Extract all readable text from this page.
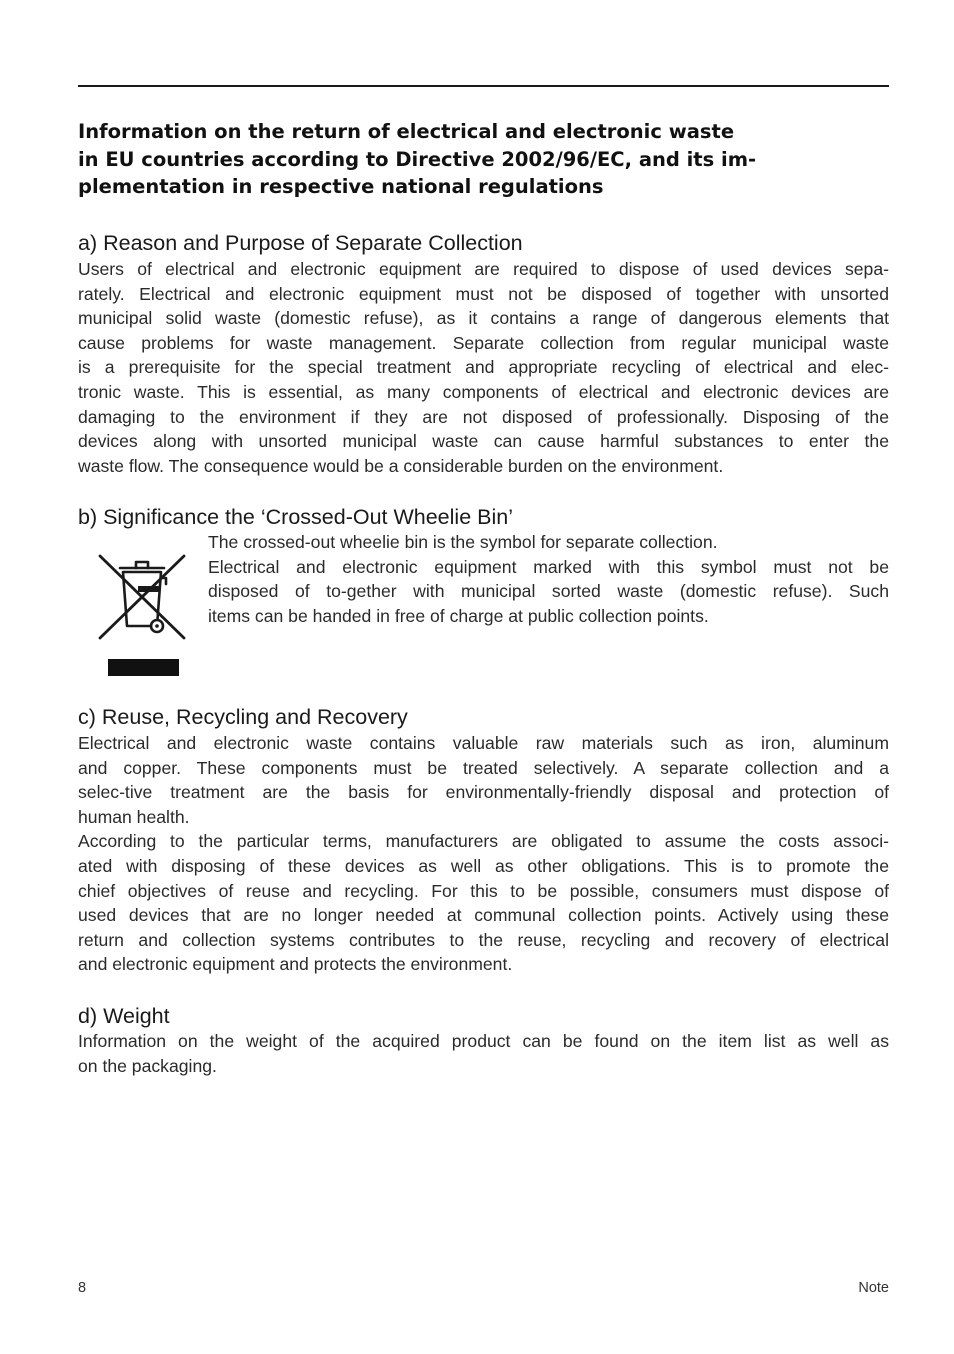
Information on the return of electrical and electronic waste
in EU countries according to Directive 2002/96/EC, and its im-
plementation in respective national regulations
a) Reason and Purpose of Separate Collection

Users of electrical and electronic equipment are required to dispose of used devices sepa-
rately. Electrical and electronic equipment must not be disposed of together with unsorted
municipal solid waste (domestic refuse), as it contains a range of dangerous elements that
cause problems for waste management. Separate collection from regular municipal waste
is a prerequisite for the special treatment and appropriate recycling of electrical and elec-
tronic waste. This is essential, as many components of electrical and electronic devices are
damaging to the environment if they are not disposed of professionally. Disposing of the
devices along with unsorted municipal waste can cause harmful substances to enter the
waste flow. The consequence would be a considerable burden on the environment.

b) Significance the ‘Crossed-Out Wheelie Bin’

The crossed-out wheelie bin is the symbol for separate collection.
Electrical and electronic equipment marked with this symbol must not be
disposed of to-gether with municipal sorted waste (domestic refuse). Such
items can be handed in free of charge at public collection points.

c) Reuse, Recycling and Recovery

Electrical and electronic waste contains valuable raw materials such as iron, aluminum
and copper. These components must be treated selectively. A separate collection and a
selec-tive treatment are the basis for environmentally-friendly disposal and protection of
human health.
According to the particular terms, manufacturers are obligated to assume the costs associ-
ated with disposing of these devices as well as other obligations. This is to promote the
chief objectives of reuse and recycling. For this to be possible, consumers must dispose of
used devices that are no longer needed at communal collection points. Actively using these
return and collection systems contributes to the reuse, recycling and recovery of electrical
and electronic equipment and protects the environment.

d) Weight

Information on the weight of the acquired product can be found on the item list as well as
on the packaging.

8	Note
